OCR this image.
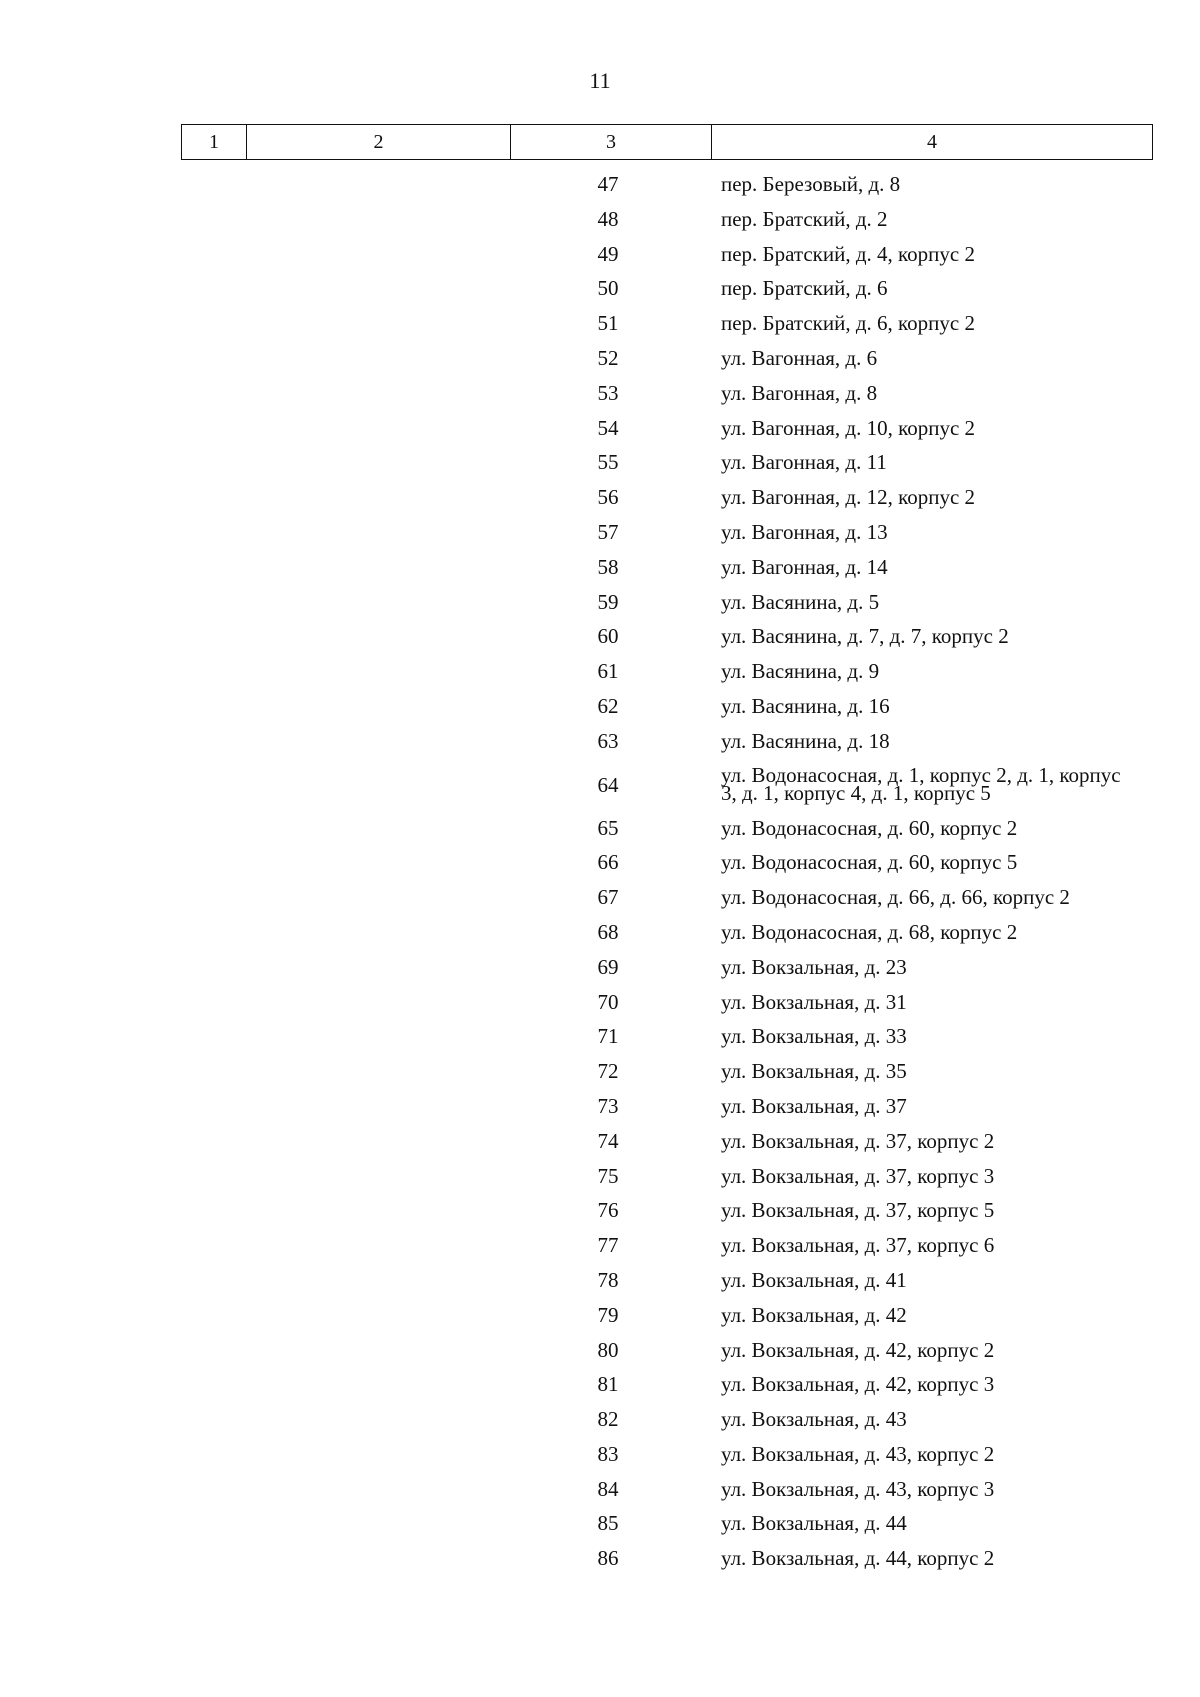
11
1	2	3	4
47	пер. Березовый, д. 8
48	пер. Братский, д. 2
49	пер. Братский, д. 4, корпус 2
50	пер. Братский, д. 6
51	пер. Братский, д. 6, корпус 2
52	ул. Вагонная, д. 6
53	ул. Вагонная, д. 8
54	ул. Вагонная, д. 10, корпус 2
55	ул. Вагонная, д. 11
56	ул. Вагонная, д. 12, корпус 2
57	ул. Вагонная, д. 13
58	ул. Вагонная, д. 14
59	ул. Васянина, д. 5
60	ул. Васянина, д. 7, д. 7, корпус 2
61	ул. Васянина, д. 9
62	ул. Васянина, д. 16
63	ул. Васянина, д. 18
64	ул. Водонасосная, д. 1, корпус 2, д. 1, корпус 3, д. 1, корпус 4, д. 1, корпус 5
65	ул. Водонасосная, д. 60, корпус 2
66	ул. Водонасосная, д. 60, корпус 5
67	ул. Водонасосная, д. 66, д. 66, корпус 2
68	ул. Водонасосная, д. 68, корпус 2
69	ул. Вокзальная, д. 23
70	ул. Вокзальная, д. 31
71	ул. Вокзальная, д. 33
72	ул. Вокзальная, д. 35
73	ул. Вокзальная, д. 37
74	ул. Вокзальная, д. 37, корпус 2
75	ул. Вокзальная, д. 37, корпус 3
76	ул. Вокзальная, д. 37, корпус 5
77	ул. Вокзальная, д. 37, корпус 6
78	ул. Вокзальная, д. 41
79	ул. Вокзальная, д. 42
80	ул. Вокзальная, д. 42, корпус 2
81	ул. Вокзальная, д. 42, корпус 3
82	ул. Вокзальная, д. 43
83	ул. Вокзальная, д. 43, корпус 2
84	ул. Вокзальная, д. 43, корпус 3
85	ул. Вокзальная, д. 44
86	ул. Вокзальная, д. 44, корпус 2
